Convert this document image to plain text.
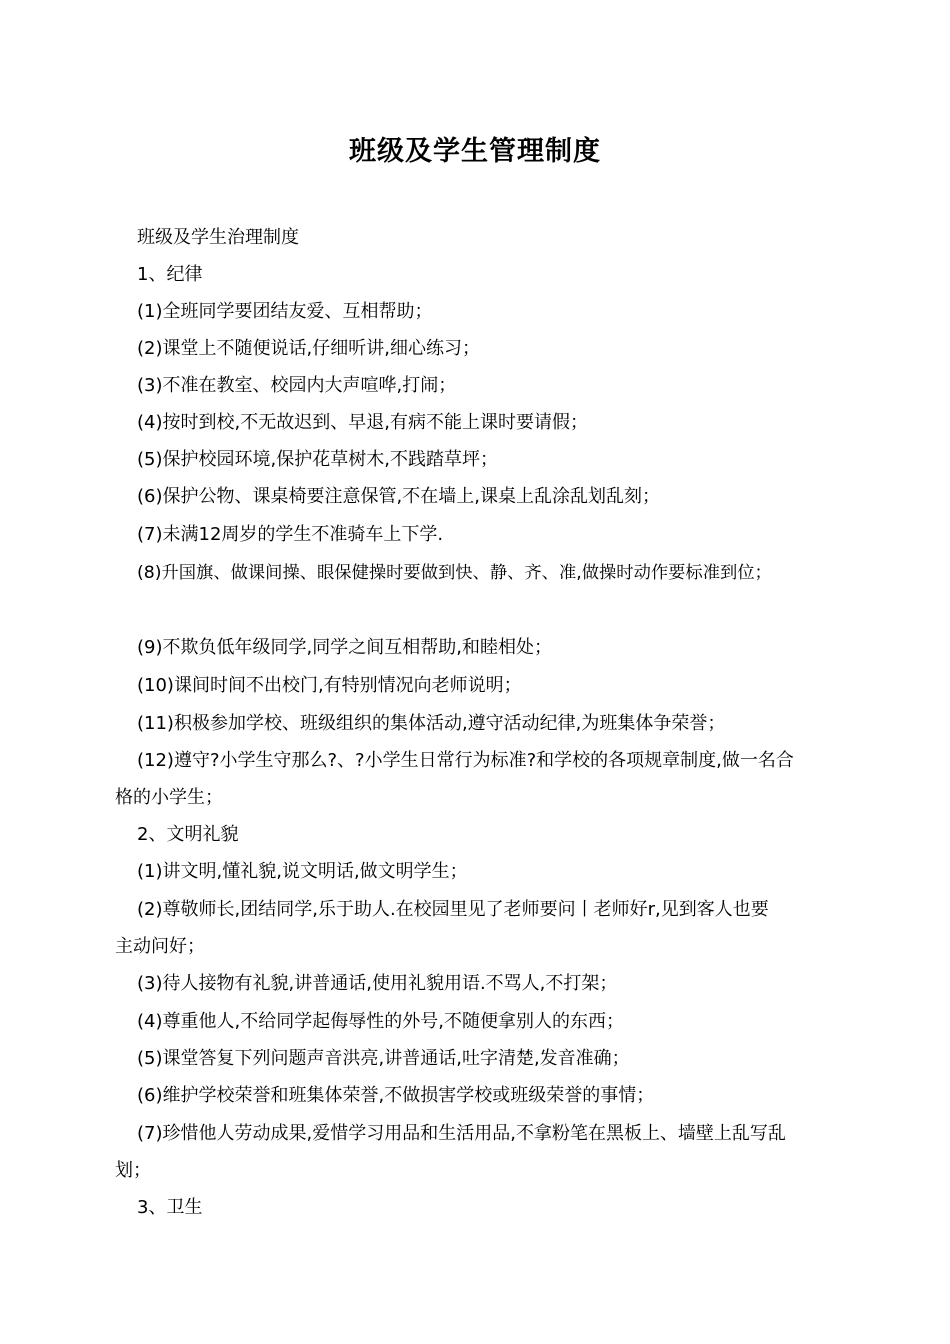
班级及学生管理制度

班级及学生治理制度

1、纪律

(1)全班同学要团结友爱、互相帮助；

(2)课堂上不随便说话,仔细听讲,细心练习；

(3)不准在教室、校园内大声喧哗,打闹；

(4)按时到校,不无故迟到、早退,有病不能上课时要请假；

(5)保护校园环境,保护花草树木,不践踏草坪；

(6)保护公物、课桌椅要注意保管,不在墙上,课桌上乱涂乱划乱刻；

(7)未满12周岁的学生不准骑车上下学.

(8)升国旗、做课间操、眼保健操时要做到快、静、齐、准,做操时动作要标准到位；

(9)不欺负低年级同学,同学之间互相帮助,和睦相处；

(10)课间时间不出校门,有特别情况向老师说明；

(11)积极参加学校、班级组织的集体活动,遵守活动纪律,为班集体争荣誉；

(12)遵守?小学生守那么?、?小学生日常行为标准?和学校的各项规章制度,做一名合

格的小学生；

2、文明礼貌

(1)讲文明,懂礼貌,说文明话,做文明学生；

(2)尊敬师长,团结同学,乐于助人.在校园里见了老师要问丨老师好r,见到客人也要

主动问好；

(3)待人接物有礼貌,讲普通话,使用礼貌用语.不骂人,不打架；

(4)尊重他人,不给同学起侮辱性的外号,不随便拿别人的东西；

(5)课堂答复下列问题声音洪亮,讲普通话,吐字清楚,发音准确；

(6)维护学校荣誉和班集体荣誉,不做损害学校或班级荣誉的事情；

(7)珍惜他人劳动成果,爱惜学习用品和生活用品,不拿粉笔在黑板上、墙壁上乱写乱

划；

3、卫生
